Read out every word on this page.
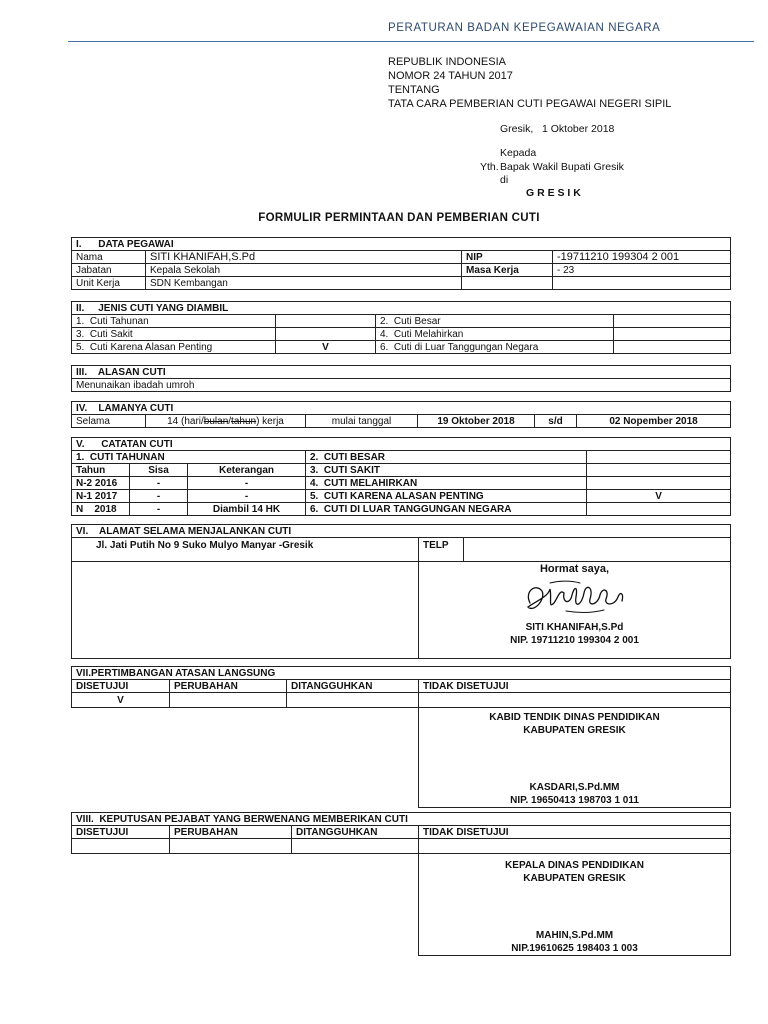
PERATURAN BADAN KEPEGAWAIAN NEGARA
REPUBLIK INDONESIA
NOMOR 24 TAHUN 2017
TENTANG
TATA CARA PEMBERIAN CUTI PEGAWAI NEGERI SIPIL
Gresik,   1 Oktober 2018
Kepada
Yth. Bapak Wakil Bupati Gresik
di
G R E S I K
FORMULIR PERMINTAAN DAN PEMBERIAN CUTI
I.      DATA PEGAWAI			
Nama	SITI KHANIFAH,S.Pd	NIP	-19711210 199304 2 001
Jabatan	Kepala Sekolah	Masa Kerja	- 23
Unit Kerja	SDN Kembangan		
II.     JENIS CUTI YANG DIAMBIL			
1.  Cuti Tahunan		2.  Cuti Besar	
3.  Cuti Sakit		4.  Cuti Melahirkan	
5.  Cuti Karena Alasan Penting	V	6.  Cuti di Luar Tanggungan Negara	
III.    ALASAN CUTI
Menunaikan ibadah umroh
IV.    LAMANYA CUTI
Selama	14 (hari/bulan/tahun) kerja	mulai tanggal	19 Oktober 2018	s/d	02 Nopember 2018
V.      CATATAN CUTI				
1.  CUTI TAHUNAN			2.  CUTI BESAR	
Tahun	Sisa	Keterangan	3.  CUTI SAKIT	
N-2 2016	-	-	4.  CUTI MELAHIRKAN	
N-1 2017	-	-	5.  CUTI KARENA ALASAN PENTING	V
N    2018	-	Diambil 14 HK	6.  CUTI DI LUAR TANGGUNGAN NEGARA	
VI.    ALAMAT SELAMA MENJALANKAN CUTI		
Jl. Jati Putih No 9 Suko Mulyo Manyar -Gresik	TELP	

	Hormat saya,
SITI KHANIFAH,S.Pd
NIP. 19711210 199304 2 001	
VII.PERTIMBANGAN ATASAN LANGSUNG			
DISETUJUI	PERUBAHAN	DITANGGUHKAN	TIDAK DISETUJUI
V			

			KABID TENDIK DINAS PENDIDIKAN
KABUPATEN GRESIK
KASDARI,S.Pd.MM
NIP. 19650413 198703 1 011
VIII.  KEPUTUSAN PEJABAT YANG BERWENANG MEMBERIKAN CUTI			
DISETUJUI	PERUBAHAN	DITANGGUHKAN	TIDAK DISETUJUI

			KEPALA DINAS PENDIDIKAN
KABUPATEN GRESIK
MAHIN,S.Pd.MM
NIP.19610625 198403 1 003
